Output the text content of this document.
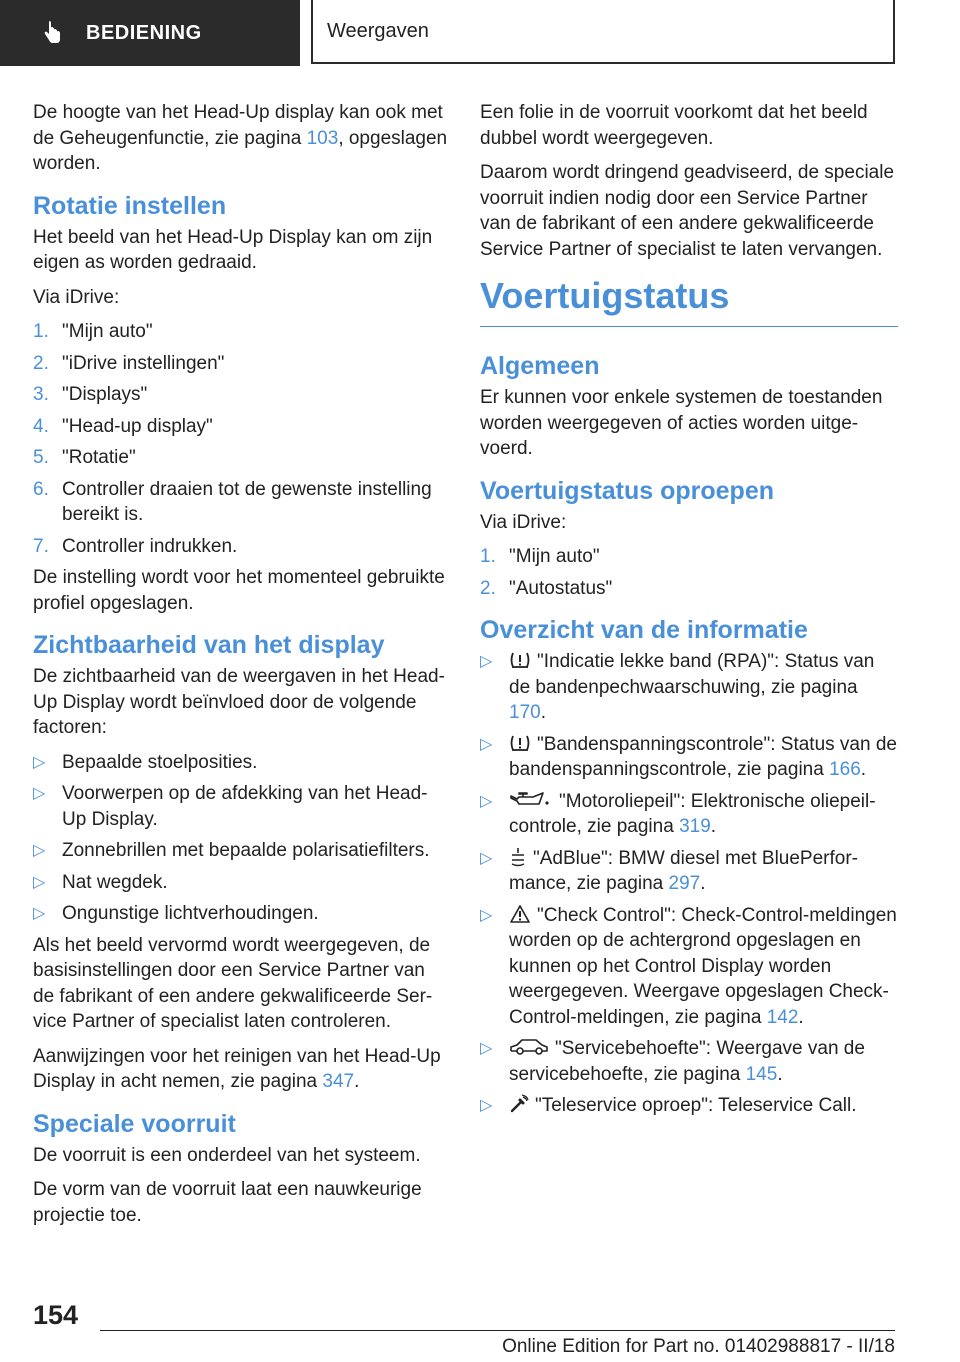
BEDIENING	Weergaven

De hoogte van het Head-Up display kan ook met de Geheugenfunctie, zie pagina 103, opgeslagen worden.

Rotatie instellen

Het beeld van het Head-Up Display kan om zijn eigen as worden gedraaid.

Via iDrive:

1. "Mijn auto"
2. "iDrive instellingen"
3. "Displays"
4. "Head-up display"
5. "Rotatie"
6. Controller draaien tot de gewenste instelling bereikt is.
7. Controller indrukken.

De instelling wordt voor het momenteel gebruikte profiel opgeslagen.

Zichtbaarheid van het display

De zichtbaarheid van de weergaven in het Head-Up Display wordt beïnvloed door de volgende factoren:

▷ Bepaalde stoelposities.
▷ Voorwerpen op de afdekking van het Head-Up Display.
▷ Zonnebrillen met bepaalde polarisatiefilters.
▷ Nat wegdek.
▷ Ongunstige lichtverhoudingen.

Als het beeld vervormd wordt weergegeven, de basisinstellingen door een Service Partner van de fabrikant of een andere gekwalificeerde Service Partner of specialist laten controleren.

Aanwijzingen voor het reinigen van het Head-Up Display in acht nemen, zie pagina 347.

Speciale voorruit

De voorruit is een onderdeel van het systeem.

De vorm van de voorruit laat een nauwkeurige projectie toe.

Een folie in de voorruit voorkomt dat het beeld dubbel wordt weergegeven.

Daarom wordt dringend geadviseerd, de speciale voorruit indien nodig door een Service Partner van de fabrikant of een andere gekwalificeerde Service Partner of specialist te laten vervangen.

Voertuigstatus
Algemeen

Er kunnen voor enkele systemen de toestanden worden weergegeven of acties worden uitgevoerd.

Voertuigstatus oproepen

Via iDrive:

1. "Mijn auto"
2. "Autostatus"
Overzicht van de informatie
▷ "Indicatie lekke band (RPA)": Status van de bandenpechwaarschuwing, zie pagina 170.
▷ "Bandenspanningscontrole": Status van de bandenspanningscontrole, zie pagina 166.
▷	"Motoroliepeil": Elektronische oliepeilcontrole, zie pagina 319.
▷ "AdBlue": BMW diesel met BluePerformance, zie pagina 297.
▷ "Check Control": Check-Control-meldingen worden op de achtergrond opgeslagen en kunnen op het Control Display worden weergegeven. Weergave opgeslagen Check-Control-meldingen, zie pagina 142.
▷	"Servicebehoefte": Weergave van de servicebehoefte, zie pagina 145.
▷ "Teleservice oproep": Teleservice Call.
154
Online Edition for Part no. 01402988817 - II/18
